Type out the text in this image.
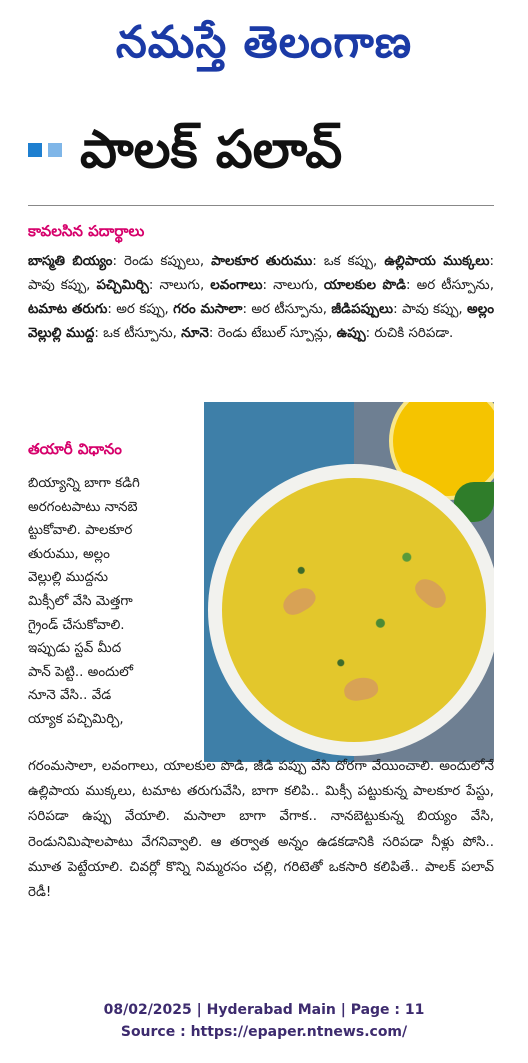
నమస్తే తెలంగాణ
పాలక్ పలావ్
కావలసిన పదార్థాలు
బాస్మతి బియ్యం: రెండు కప్పులు, పాలకూర తురుము: ఒక కప్పు, ఉల్లిపాయ ముక్కలు: పావు కప్పు, పచ్చిమిర్చి: నాలుగు, లవంగాలు: నాలుగు, యాలకుల పొడి: అర టీస్పూను, టమాట తరుగు: అర కప్పు, గరం మసాలా: అర టీస్పూను, జీడిపప్పులు: పావు కప్పు, అల్లం వెల్లుల్లి ముద్ద: ఒక టీస్పూను, నూనె: రెండు టేబుల్ స్పూన్లు, ఉప్పు: రుచికి సరిపడా.
తయారీ విధానం
బియ్యాన్ని బాగా కడిగి
అరగంటపాటు నానబె
ట్టుకోవాలి. పాలకూర
తురుము, అల్లం
వెల్లుల్లి ముద్దను
మిక్సీలో వేసి మెత్తగా
గ్రైండ్ చేసుకోవాలి.
ఇప్పుడు స్టవ్ మీద
పాన్ పెట్టి.. అందులో
నూనె వేసి.. వేడ
య్యాక పచ్చిమిర్చి,
గరంమసాలా, లవంగాలు, యాలకుల పొడి, జీడి పప్పు వేసి దోరగా వేయించాలి. అందులోనే ఉల్లిపాయ ముక్కలు, టమాట తరుగువేసి, బాగా కలిపి.. మిక్సీ పట్టుకున్న పాలకూర పేస్టు, సరిపడా ఉప్పు వేయాలి. మసాలా బాగా వేగాక.. నానబెట్టుకున్న బియ్యం వేసి, రెండునిమిషాలపాటు వేగనివ్వాలి. ఆ తర్వాత అన్నం ఉడకడానికి సరిపడా నీళ్లు పోసి.. మూత పెట్టేయాలి. చివర్లో కొన్ని నిమ్మరసం చల్లి, గరిటెతో ఒకసారి కలిపితే.. పాలక్ పలావ్ రెడీ!
08/02/2025 | Hyderabad Main | Page : 11
Source : https://epaper.ntnews.com/
